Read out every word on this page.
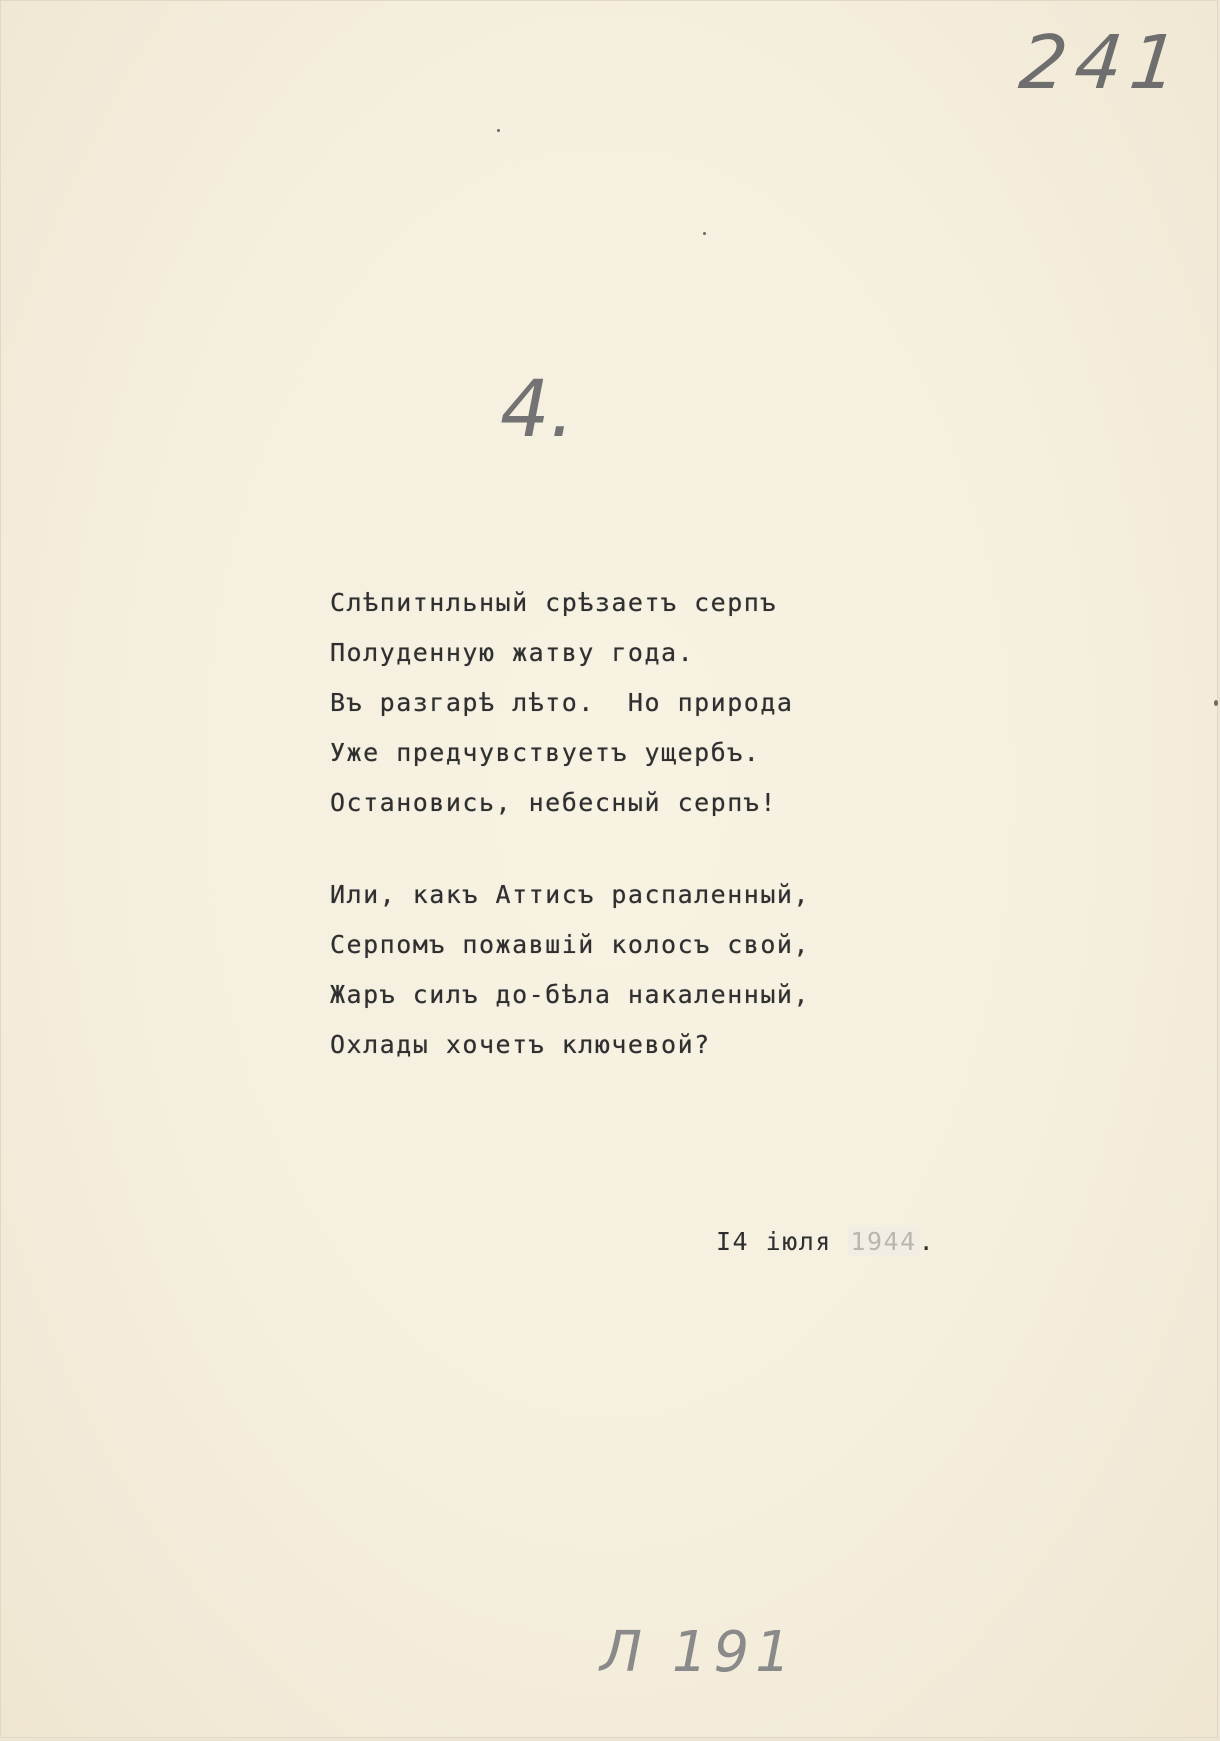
241
4.
Слѣпитнльный срѣзаетъ серпъ
Полуденную жатву года.
Въ разгарѣ лѣто.  Но природа
Уже предчувствуетъ ущербъ.
Остановись, небесный серпъ!
Или, какъ Аттисъ распаленный,
Серпомъ пожавшій колосъ свой,
Жаръ силъ до-бѣла накаленный,
Охлады хочетъ ключевой?
I4 іюля 1944.
Л 191
